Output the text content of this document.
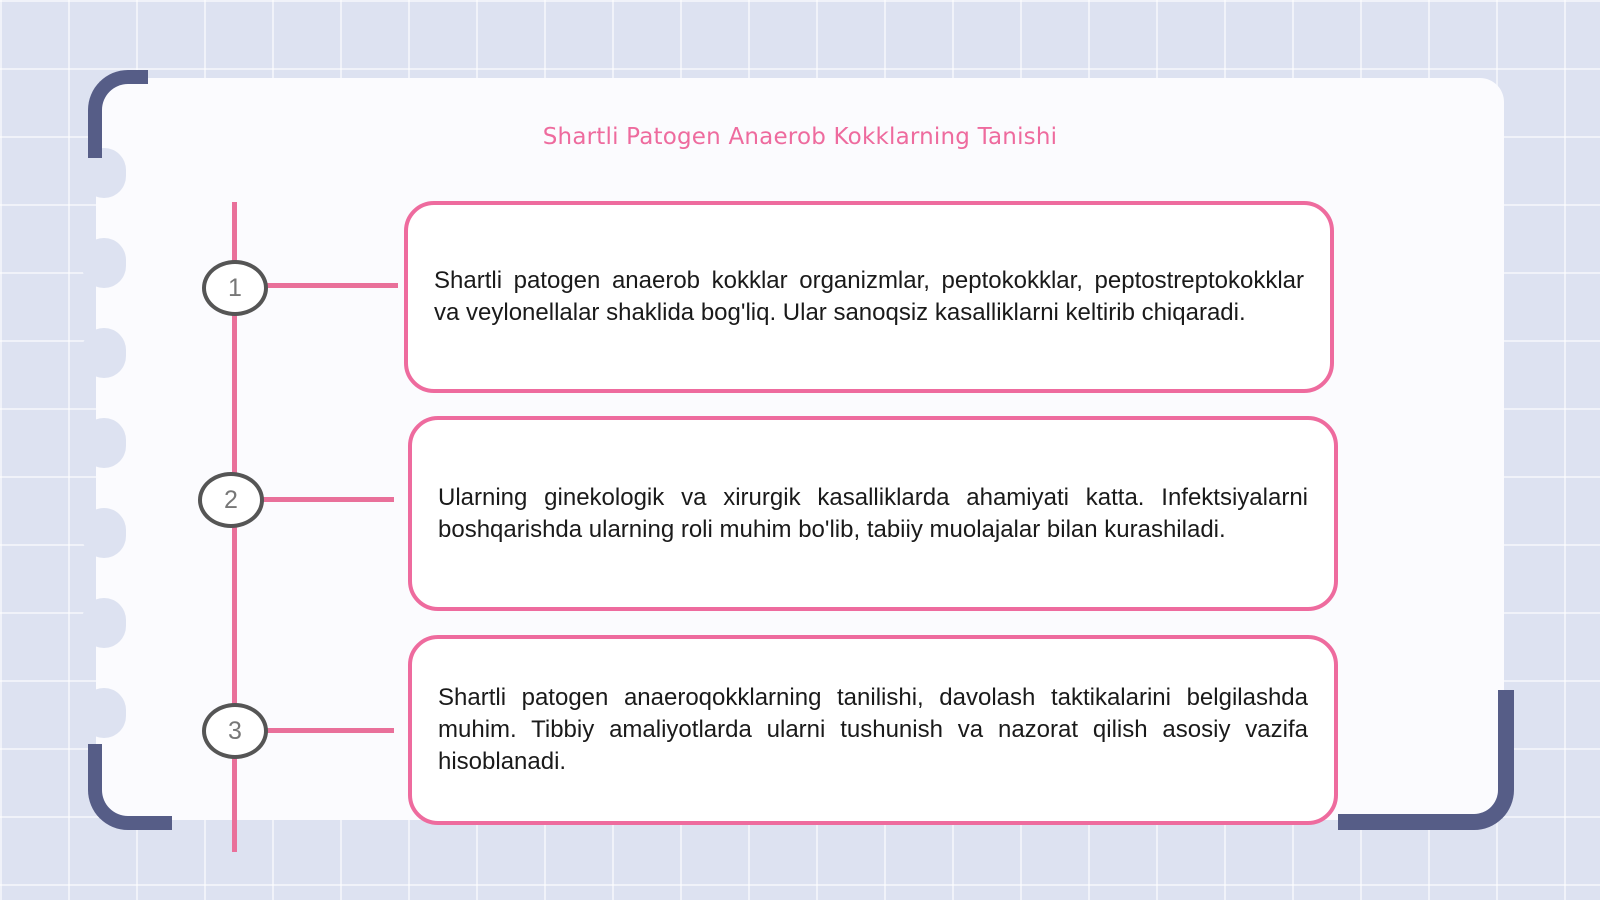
Shartli Patogen Anaerob Kokklarning Tanishi
1	Shartli patogen anaerob kokklar organizmlar, peptokokklar, peptostreptokokklar va veylonellalar shaklida bog'liq. Ular sanoqsiz kasalliklarni keltirib chiqaradi.

2	Ularning ginekologik va xirurgik kasalliklarda ahamiyati katta. Infektsiyalarni boshqarishda ularning roli muhim bo'lib, tabiiy muolajalar bilan kurashiladi.

3

Shartli patogen anaeroqokklarning tanilishi, davolash taktikalarini belgilashda muhim. Tibbiy amaliyotlarda ularni tushunish va nazorat qilish asosiy vazifa hisoblanadi.
